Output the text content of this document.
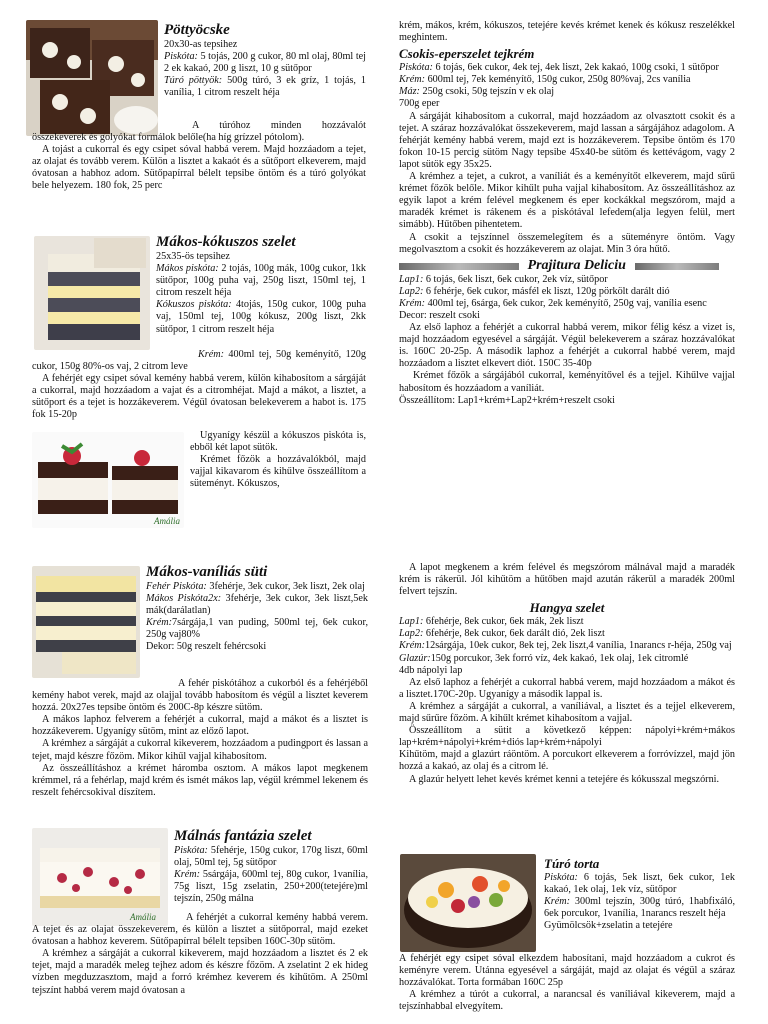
Pöttyöcske

20x30-as tepsihez

Piskóta: 5 tojás, 200 g cukor, 80 ml olaj, 80ml tej 2 ek kakaó, 200 g liszt, 10 g sütőpor

Túró pöttyök: 500g túró, 3 ek gríz, 1 tojás, 1 vanília, 1 citrom reszelt héja

A túróhoz minden hozzávalót összekeverek és golyókat formálok belőle(ha híg grízzel pótolom).

A tojást a cukorral és egy csipet sóval habbá verem. Majd hozzáadom a tejet, az olajat és tovább verem. Külön a lisztet a kakaót és a sütőport elkeverem, majd óvatosan a habhoz adom. Sütőpapírral bélelt tepsibe öntöm és a túró golyókat bele helyezem. 180 fok, 25 perc

Mákos-kókuszos szelet

25x35-ös tepsihez

Mákos piskóta: 2 tojás, 100g mák, 100g cukor, 1kk sütőpor, 100g puha vaj, 250g liszt, 150ml tej, 1 citrom reszelt héja

Kókuszos piskóta: 4tojás, 150g cukor, 100g puha vaj, 150ml tej, 100g kókusz, 200g liszt, 2kk sütőpor, 1 citrom reszelt héja

Krém: 400ml tej, 50g keményítő, 120g cukor, 150g 80%-os vaj, 2 citrom leve

A fehérjét egy csipet sóval kemény habbá verem, külön kihabosítom a sárgáját a cukorral, majd hozzáadom a vajat és a citromhéjat. Majd a mákot, a lisztet, a sütőport és a tejet is hozzákeverem. Végül óvatosan belekeverem a habot is. 175 fok 15-20p

Amália

Ugyanígy készül a kókuszos piskóta is, ebből két lapot sütök.

Krémet főzök a hozzávalókból, majd vajjal kikavarom és kihűlve összeállítom a süteményt. Kókuszos,

krém, mákos, krém, kókuszos, tetejére kevés krémet kenek és kókusz reszelékkel meghintem.

Csokis-eperszelet tejkrém

Piskóta: 6 tojás, 6ek cukor, 4ek tej, 4ek liszt, 2ek kakaó, 100g csoki, 1 sütőpor

Krém: 600ml tej, 7ek keményítő, 150g cukor, 250g 80%vaj, 2cs vanília

Máz: 250g csoki, 50g tejszín v ek olaj

700g eper

A sárgáját kihabosítom a cukorral, majd hozzáadom az olvasztott csokit és a tejet. A száraz hozzávalókat összekeverem, majd lassan a sárgájához adagolom. A fehérját kemény habbá verem, majd ezt is hozzákeverem. Tepsibe öntöm és 170 fokon 10-15 percig sütöm Nagy tepsibe 45x40-be sütöm és kettévágom, vagy 2 lapot sütök egy 35x25.

A krémhez a tejet, a cukrot, a vaníliát és a keményítőt elkeverem, majd sűrű krémet főzök belőle. Mikor kihűlt puha vajjal kihabosítom. Az összeállításhoz az egyik lapot a krém felével megkenem és eper kockákkal megszórom, majd a maradék krémet is rákenem és a piskótával lefedem(alja legyen felül, mert simább). Hűtőben pihentetem.

A csokit a tejszínnel összemelegítem és a süteményre öntöm. Vagy megolvasztom a csokit és hozzákeverem az olajat. Min 3 óra hűtő.

Prajitura Deliciu

Lap1: 6 tojás, 6ek liszt, 6ek cukor, 2ek víz, sütőpor

Lap2: 6 fehérje, 6ek cukor, másfél ek liszt, 120g pörkölt darált dió

Krém: 400ml tej, 6sárga, 6ek cukor, 2ek keményítő, 250g vaj, vanília esenc

Decor: reszelt csoki

Az első laphoz a fehérjét a cukorral habbá verem, mikor félig kész a vizet is, majd hozzáadom egyesével a sárgáját. Végül belekeverem a száraz hozzávalókat is. 160C 20-25p. A második laphoz a fehérjét a cukorral habbé verem, majd hozzáadom a lisztet elkevert diót. 150C 35-40p

Krémet főzök a sárgájából cukorral, keményítővel és a tejjel. Kihűlve vajjal habosítom és hozzáadom a vaníliát.

Összeállítom: Lap1+krém+Lap2+krém+reszelt csoki

Mákos-vaníliás süti

Fehér Piskóta: 3fehérje, 3ek cukor, 3ek liszt, 2ek olaj

Mákos Piskóta2x: 3fehérje, 3ek cukor, 3ek liszt,5ek mák(darálatlan)

Krém:7sárgája,1 van puding, 500ml tej, 6ek cukor, 250g vaj80%

Dekor: 50g reszelt fehércsoki

A fehér piskótához a cukorból és a fehérjéből kemény habot verek, majd az olajjal tovább habosítom és végül a lisztet keverem hozzá. 20x27es tepsibe öntöm és 200C-8p készre sütöm.

A mákos laphoz felverem a fehérjét a cukorral, majd a mákot és a lisztet is hozzákeverem. Ugyanígy sütöm, mint az előző lapot.

A krémhez a sárgáját a cukorral kikeverem, hozzáadom a pudingport és lassan a tejet, majd készre főzöm. Mikor kihűl vajjal kihabosítom.

Az összeállításhoz a krémet háromba osztom. A mákos lapot megkenem krémmel, rá a fehérlap, majd krém és ismét mákos lap, végül krémmel lekenem és reszelt fehércsokival díszítem.

Amália

Málnás fantázia szelet

Piskóta: 5fehérje, 150g cukor, 170g liszt, 60ml olaj, 50ml tej, 5g sütőpor

Krém: 5sárgája, 600ml tej, 80g cukor, 1vanília, 75g liszt, 15g zselatin, 250+200(tetejére)ml tejszín, 250g málna

A fehérjét a cukorral kemény habbá verem. A tejet és az olajat összekeverem, és külön a lisztet a sütőporral, majd ezeket óvatosan a habhoz keverem. Sütőpapírral bélelt tepsiben 160C-30p sütöm.

A krémhez a sárgáját a cukorral kikeverem, majd hozzáadom a lisztet és 2 ek tejet, majd a maradék meleg tejhez adom és készre főzöm. A zselatint 2 ek hideg vízben megduzzasztom, majd a forró krémhez keverem és kihűtöm. A 250ml tejszínt habbá verem majd óvatosan a

A lapot megkenem a krém felével és megszórom málnával majd a maradék krém is rákerül. Jól kihűtöm a hűtőben majd azután rákerül a maradék 200ml felvert tejszín.

Hangya szelet

Lap1: 6fehérje, 8ek cukor, 6ek mák, 2ek liszt

Lap2: 6fehérje, 8ek cukor, 6ek darált dió, 2ek liszt

Krém:12sárgája, 10ek cukor, 8ek tej, 2ek liszt,4 vanília, 1narancs r-héja, 250g vaj

Glazúr:150g porcukor, 3ek forró víz, 4ek kakaó, 1ek olaj, 1ek citromlé

4db nápolyi lap

Az első laphoz a fehérjét a cukorral habbá verem, majd hozzáadom a mákot és a lisztet.170C-20p. Ugyanígy a második lappal is.

A krémhez a sárgáját a cukorral, a vaníliával, a lisztet és a tejjel elkeverem, majd sűrűre főzöm. A kihűlt krémet kihabosítom a vajjal.

Összeállítom a sütit a következő képpen: nápolyi+krém+mákos lap+krém+nápolyi+krém+diós lap+krém+nápolyi

Kihűtöm, majd a glazúrt ráöntöm. A porcukort elkeverem a forróvízzel, majd jön hozzá a kakaó, az olaj és a citrom lé.

A glazúr helyett lehet kevés krémet kenni a tetejére és kókusszal megszórni.

Túró torta

Piskóta: 6 tojás, 5ek liszt, 6ek cukor, 1ek kakaó, 1ek olaj, 1ek víz, sütőpor

Krém: 300ml tejszín, 300g túró, 1habfixáló, 6ek porcukor, 1vanília, 1narancs reszelt héja

Gyümölcsök+zselatin a tetejére

A fehérjét egy csipet sóval elkezdem habosítani, majd hozzáadom a cukrot és keményre verem. Utánna egyesével a sárgáját, majd az olajat és végül a száraz hozzávalókat. Torta formában 160C 25p

A krémhez a túrót a cukorral, a narancsal és vaníliával kikeverem, majd a tejszínhabbal elvegyítem.
